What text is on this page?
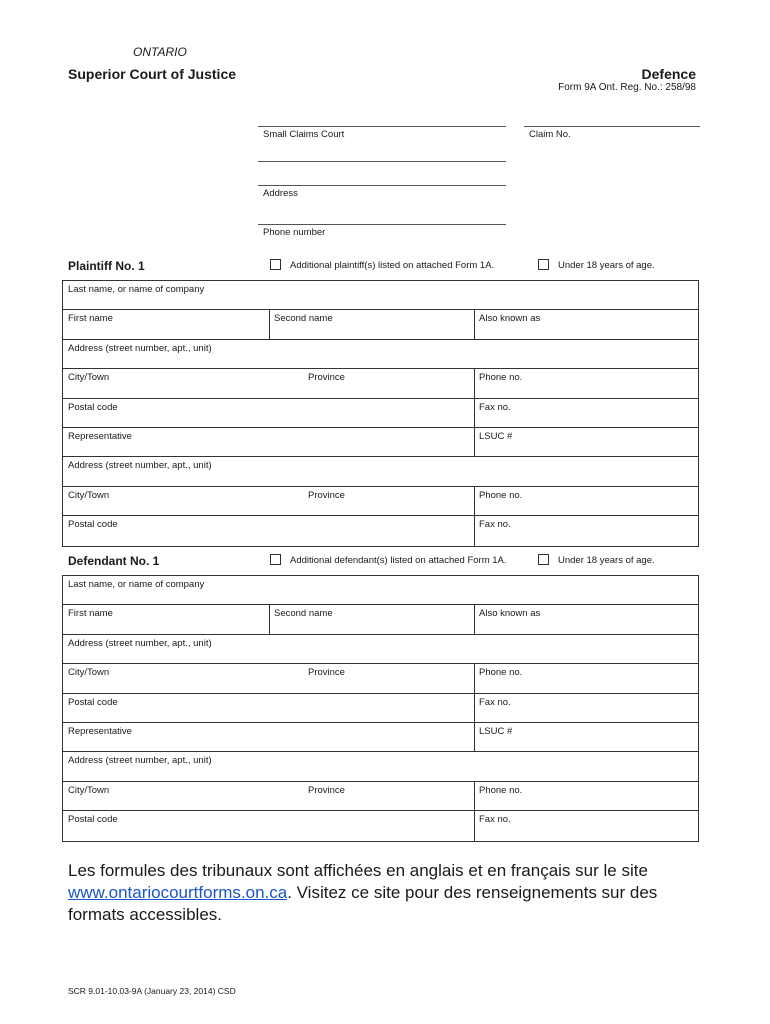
ONTARIO
Superior Court of Justice	Defence
Form 9A Ont. Reg. No.: 258/98
Small Claims Court	Claim No.
Address
Phone number
Plaintiff No. 1	Additional plaintiff(s) listed on attached Form 1A.	Under 18 years of age.
Last name, or name of company
First name	Second name	Also known as
Address (street number, apt., unit)
City/Town	Province	Phone no.
Postal code	Fax no.
Representative	LSUC #
Address (street number, apt., unit)
City/Town	Province	Phone no.
Postal code	Fax no.
Defendant No. 1	Additional defendant(s) listed on attached Form 1A.	Under 18 years of age.
Last name, or name of company
First name	Second name	Also known as
Address (street number, apt., unit)
City/Town	Province	Phone no.
Postal code	Fax no.
Representative	LSUC #
Address (street number, apt., unit)
City/Town	Province	Phone no.
Postal code	Fax no.
Les formules des tribunaux sont affichées en anglais et en français sur le site www.ontariocourtforms.on.ca. Visitez ce site pour des renseignements sur des formats accessibles.
SCR 9.01-10.03-9A (January 23, 2014) CSD
